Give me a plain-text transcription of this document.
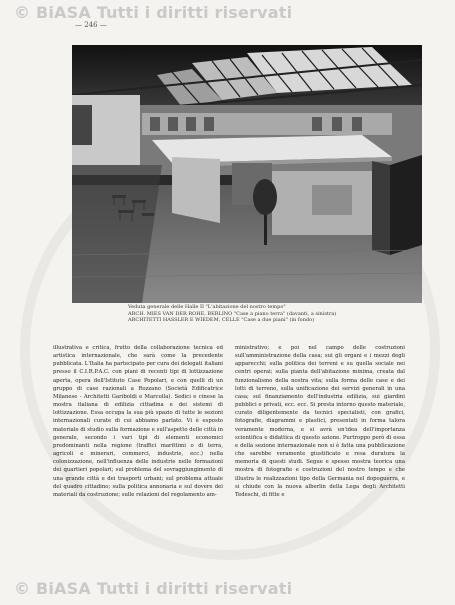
© BiASA Tutti i diritti riservati
— 246 —
Veduta generale delle Halle II "L'abitazione del nostro tempo"
ARCH. MIES VAN DER ROHE, BERLINO "Case a piano terra" (davanti, a sinistra)
ARCHITETTI HASSLER E WIEDEM, CELLE "Case a due piani" (in fondo)

illustrativa e critica, frutto della collaborazione tecnica ed artistica internazionale, che sarà come la precedente pubblicata. L'Italia ha partecipato per cura dei delegati italiani presso il C.I.R.P.A.C. con piani di recenti tipi di lottizzazione aperta, opera dell'Istituto Case Popolari, e con quelli di un gruppo di case razionali a Rozzano (Società Edificatrice Milanese - Architetti Gariboldi e Marcolla). Sedici e cinese la mostra italiana di edilizia cittadina e dei sistemi di lottizzazione. Essa occupa la sua più spazio di tutte le sezioni internazionali curate di cui abbiamo parlato. Vi è esposto materiale di studio sulla formazione e sull'aspetto delle città in generale, secondo i vari tipi di elementi economici predominanti nella regione (traffici marittimi o di terra, agricoli e minerari, commerci, industrie, ecc.) nella colonizzazione, nell'influenza delle industrie nelle formazioni dei quartieri popolari; sul problema del sovraggiungimento di una grande città e dei trasporti urbani; sul problema attuale del quadro cittadino; sulla politica annonaria e sul dovere dei materiali da costruzione; sulle relazioni del regolamento am-

ministrativo; e poi nel campo delle costruzioni sull'amministrazione della casa; sui gli organi e i mezzi degli apparecchi; sulla politica dei terreni e su quella sociale nei centri operai; sulla pianta dell'abitazione minima, creata dal funzionalismo della nostra vita; sulla forma delle case e dei lotti di terreno, sulla unificazione dei servizi generali in una casa; sul finanziamento dell'industria edilizia, sui giardini pubblici e privati, ecc. ecc. Si presta intorno questo materiale, curato diligentemente da tecnici specialisti, con grafici, fotografie, diagrammi e plastici, presentati in forma talora veramente moderna, e si avrà un'idea dell'importanza scientifica e didattica di questo azione. Purtroppo però di essa e della sezione internazionale non si è fatta una pubblicazione che sarebbe veramente giustificato e resa duratura la memoria di questi studi. Segue e spesso mostra teorica una mostra di fotografie e costruzioni del nostro tempo e che illustra le realizzazioni tipo della Germania nel dopoguerra, e si chiude con la nuova alberlin della Lega degli Architetti Tedeschi, di fitte e

© BiASA Tutti i diritti riservati
